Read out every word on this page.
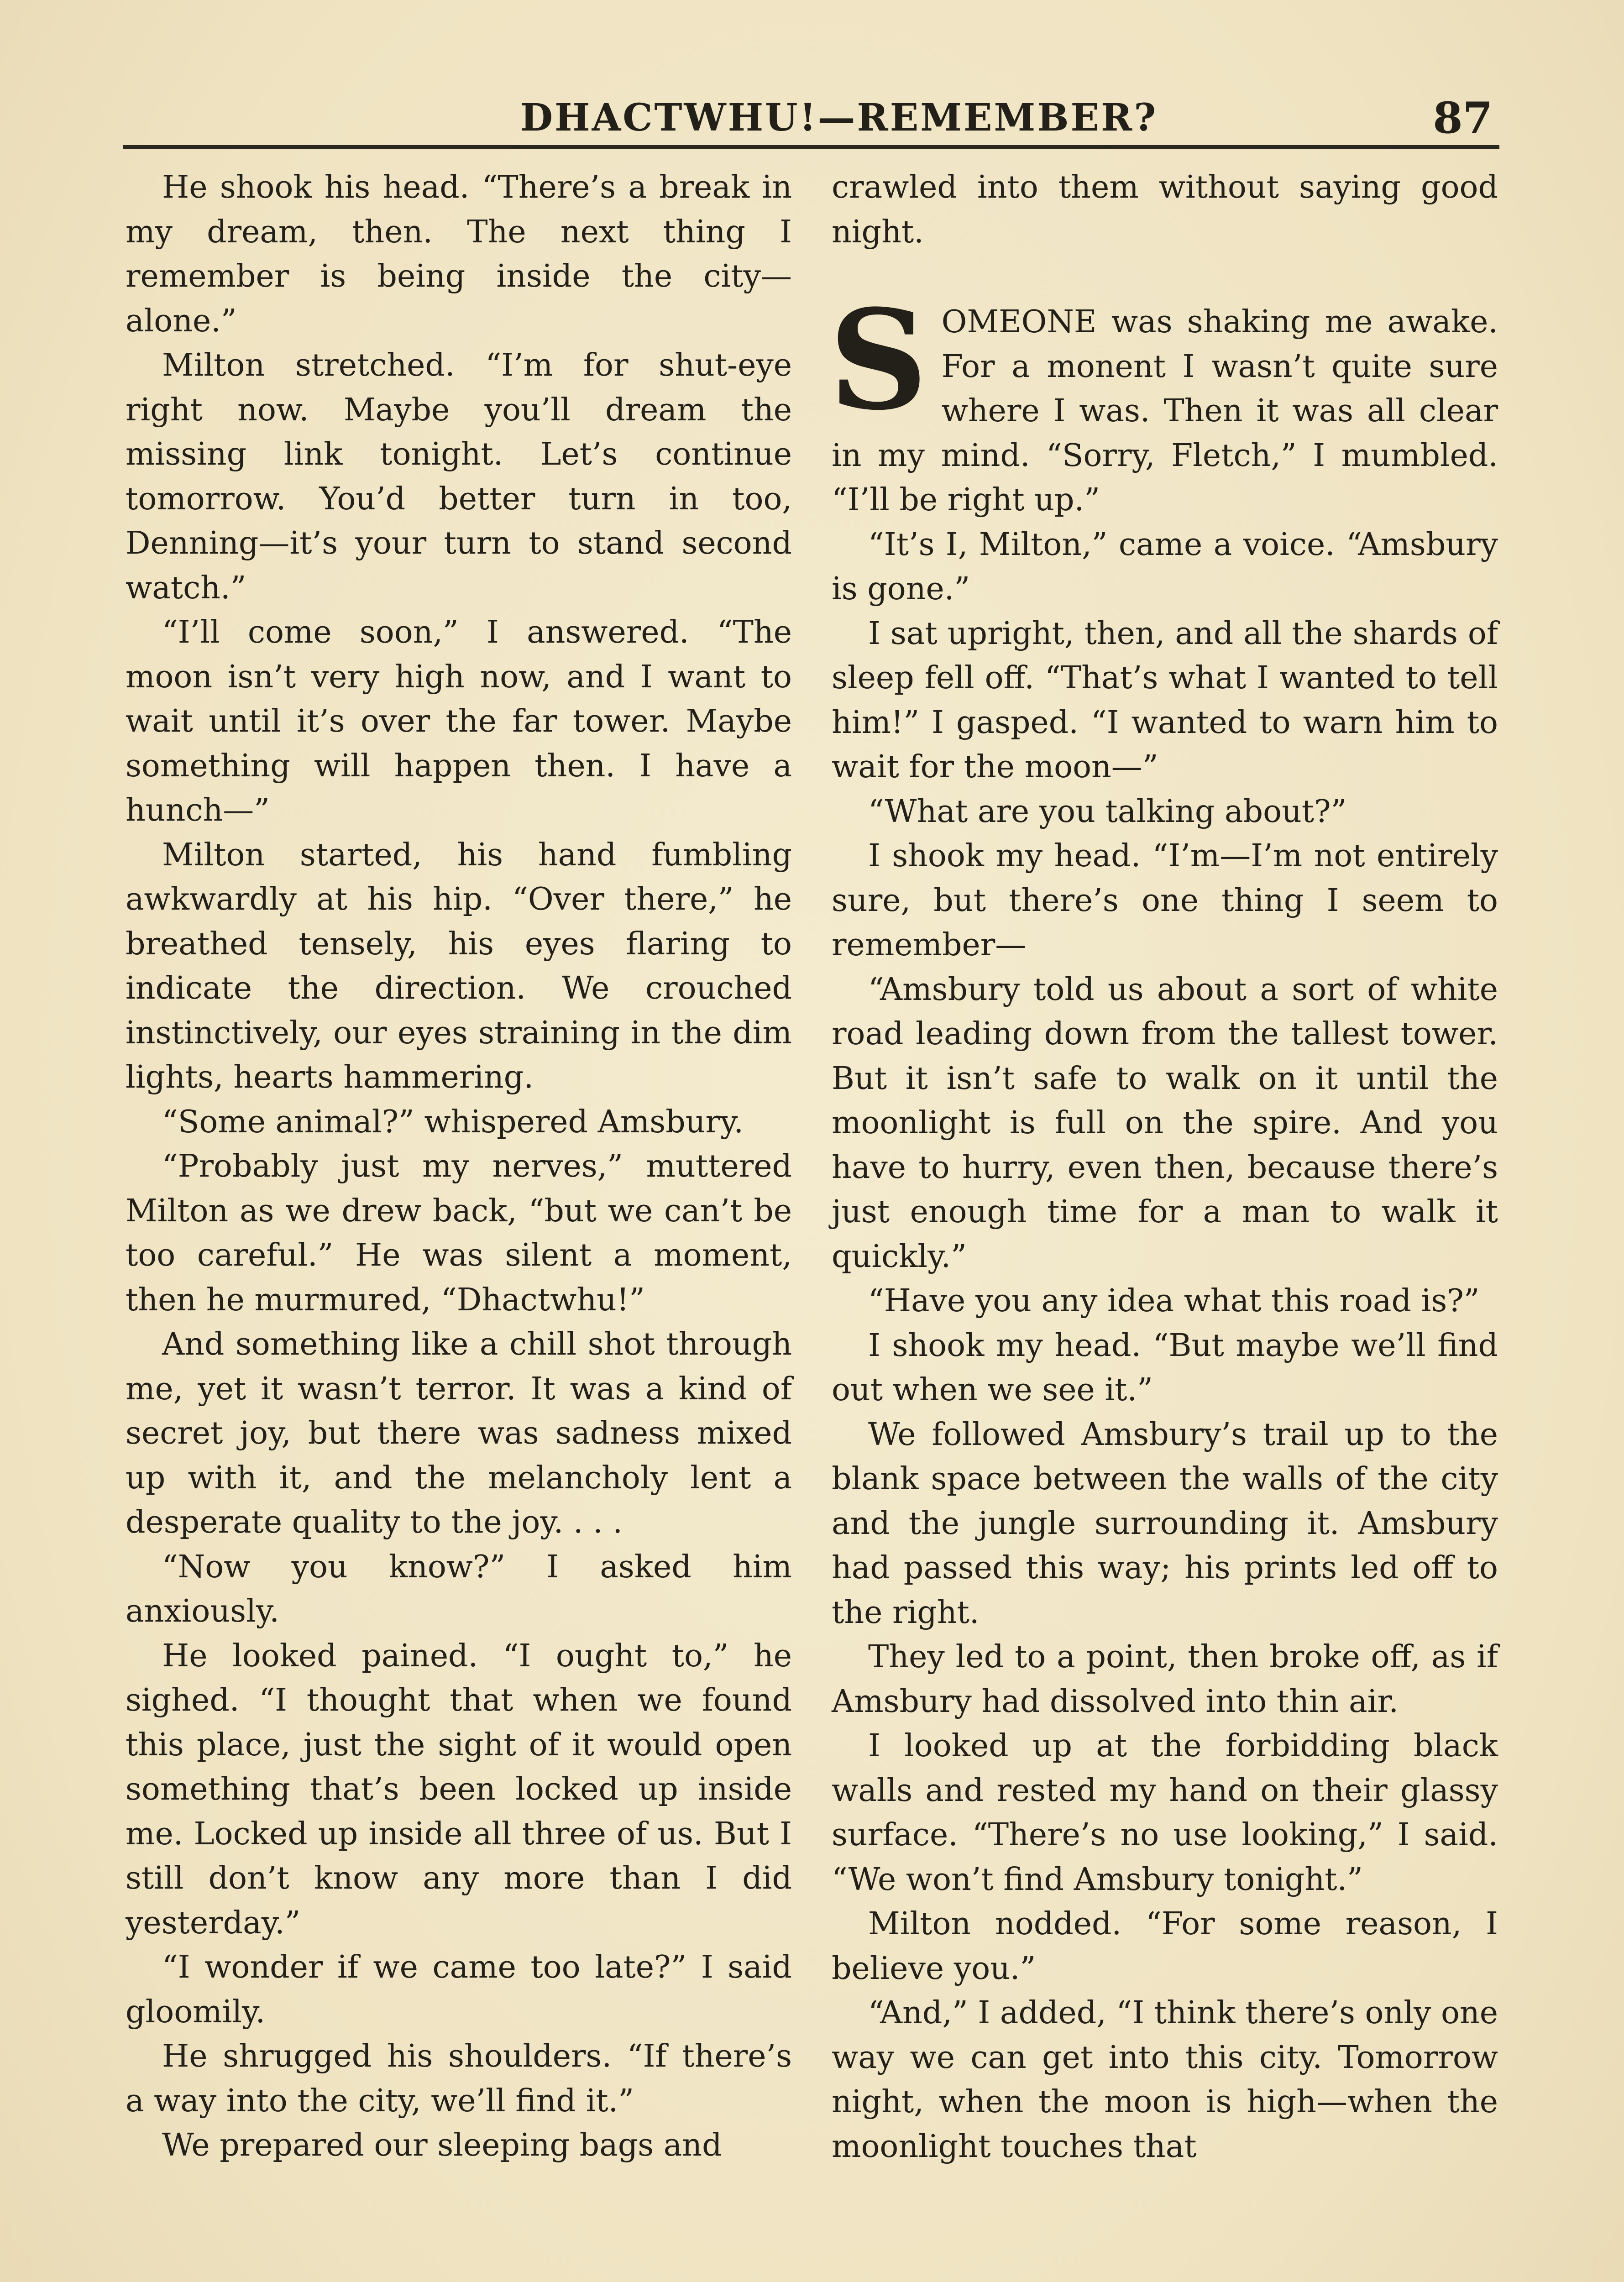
DHACTWHU!—REMEMBER?	87

He shook his head. “There’s a break in my dream, then. The next thing I remember is being inside the city— alone.”

Milton stretched. “I’m for shut-eye right now. Maybe you’ll dream the missing link tonight. Let’s continue tomorrow. You’d better turn in too, Denning—it’s your turn to stand second watch.”

“I’ll come soon,” I answered. “The moon isn’t very high now, and I want to wait until it’s over the far tower. Maybe something will happen then. I have a hunch—”

Milton started, his hand fumbling awkwardly at his hip. “Over there,” he breathed tensely, his eyes flaring to indicate the direction. We crouched instinctively, our eyes straining in the dim lights, hearts hammering.

“Some animal?” whispered Amsbury.

“Probably just my nerves,” muttered Milton as we drew back, “but we can’t be too careful.” He was silent a moment, then he murmured, “Dhactwhu!”

And something like a chill shot through me, yet it wasn’t terror. It was a kind of secret joy, but there was sadness mixed up with it, and the melancholy lent a desperate quality to the joy. . . .

“Now you know?” I asked him anxiously.

He looked pained. “I ought to,” he sighed. “I thought that when we found this place, just the sight of it would open something that’s been locked up inside me. Locked up inside all three of us. But I still don’t know any more than I did yesterday.”

“I wonder if we came too late?” I said gloomily.

He shrugged his shoulders. “If there’s a way into the city, we’ll find it.”

We prepared our sleeping bags and

crawled into them without saying good night.

SOMEONE was shaking me awake. For a monent I wasn’t quite sure where I was. Then it was all clear in my mind. “Sorry, Fletch,” I mumbled. “I’ll be right up.”

“It’s I, Milton,” came a voice. “Amsbury is gone.”

I sat upright, then, and all the shards of sleep fell off. “That’s what I wanted to tell him!” I gasped. “I wanted to warn him to wait for the moon—”

“What are you talking about?”

I shook my head. “I’m—I’m not entirely sure, but there’s one thing I seem to remember—

“Amsbury told us about a sort of white road leading down from the tallest tower. But it isn’t safe to walk on it until the moonlight is full on the spire. And you have to hurry, even then, because there’s just enough time for a man to walk it quickly.”

“Have you any idea what this road is?”

I shook my head. “But maybe we’ll find out when we see it.”

We followed Amsbury’s trail up to the blank space between the walls of the city and the jungle surrounding it. Amsbury had passed this way; his prints led off to the right.

They led to a point, then broke off, as if Amsbury had dissolved into thin air.

I looked up at the forbidding black walls and rested my hand on their glassy surface. “There’s no use looking,” I said. “We won’t find Amsbury tonight.”

Milton nodded. “For some reason, I believe you.”

“And,” I added, “I think there’s only one way we can get into this city. Tomorrow night, when the moon is high—when the moonlight touches that
